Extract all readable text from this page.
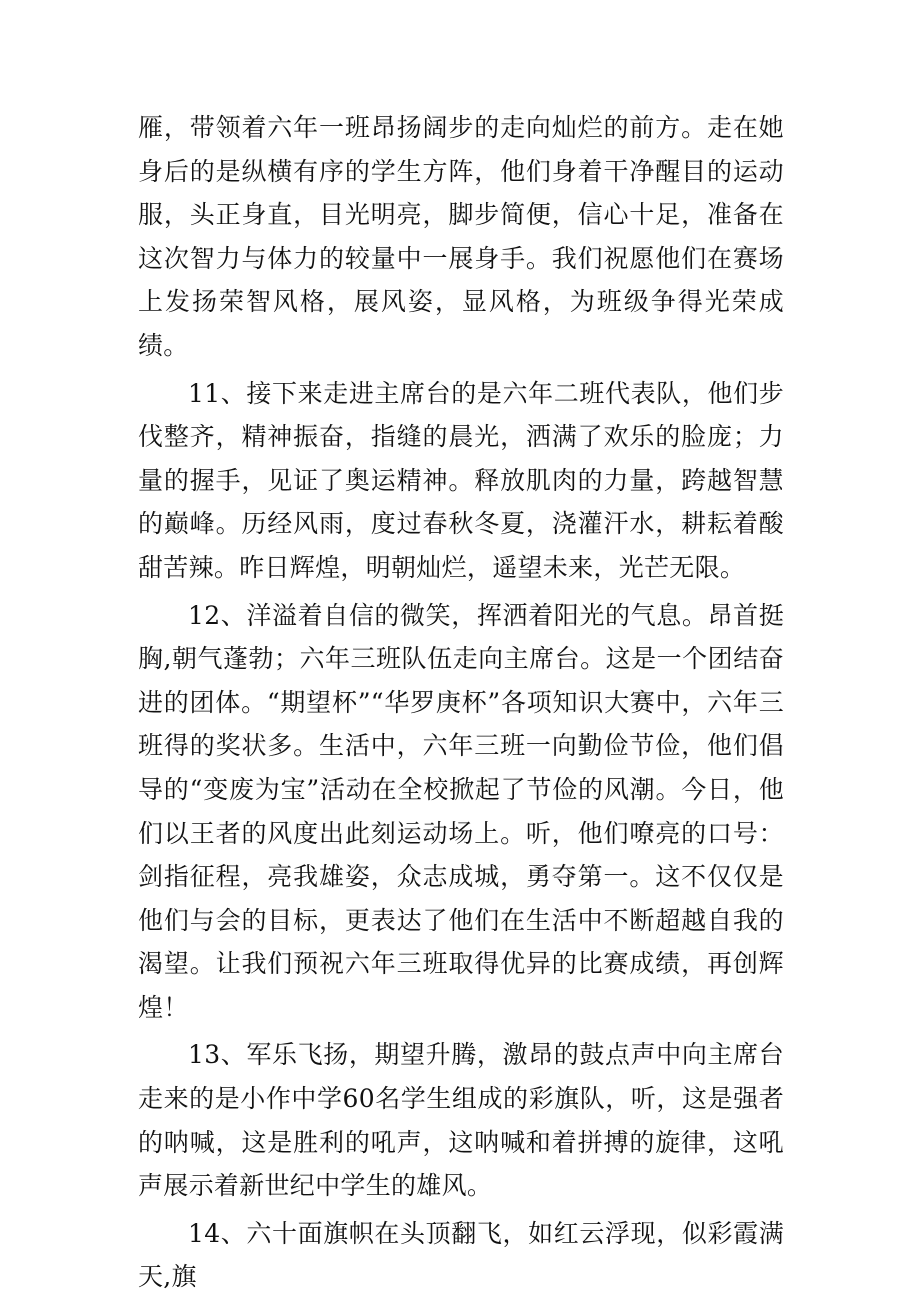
雁，带领着六年一班昂扬阔步的走向灿烂的前方。走在她身后的是纵横有序的学生方阵，他们身着干净醒目的运动服，头正身直，目光明亮，脚步简便，信心十足，准备在这次智力与体力的较量中一展身手。我们祝愿他们在赛场上发扬荣智风格，展风姿，显风格，为班级争得光荣成绩。

11、接下来走进主席台的是六年二班代表队，他们步伐整齐，精神振奋，指缝的晨光，洒满了欢乐的脸庞；力量的握手，见证了奥运精神。释放肌肉的力量，跨越智慧的巅峰。历经风雨，度过春秋冬夏，浇灌汗水，耕耘着酸甜苦辣。昨日辉煌，明朝灿烂，遥望未来，光芒无限。

12、洋溢着自信的微笑，挥洒着阳光的气息。昂首挺胸,朝气蓬勃；六年三班队伍走向主席台。这是一个团结奋进的团体。“期望杯”“华罗庚杯”各项知识大赛中，六年三班得的奖状多。生活中，六年三班一向勤俭节俭，他们倡导的“变废为宝”活动在全校掀起了节俭的风潮。今日，他们以王者的风度出此刻运动场上。听，他们嘹亮的口号：剑指征程，亮我雄姿，众志成城，勇夺第一。这不仅仅是他们与会的目标，更表达了他们在生活中不断超越自我的渴望。让我们预祝六年三班取得优异的比赛成绩，再创辉煌！

13、军乐飞扬，期望升腾，激昂的鼓点声中向主席台走来的是小作中学60名学生组成的彩旗队，听，这是强者的呐喊，这是胜利的吼声，这呐喊和着拼搏的旋律，这吼声展示着新世纪中学生的雄风。

14、六十面旗帜在头顶翻飞，如红云浮现，似彩霞满天,旗
